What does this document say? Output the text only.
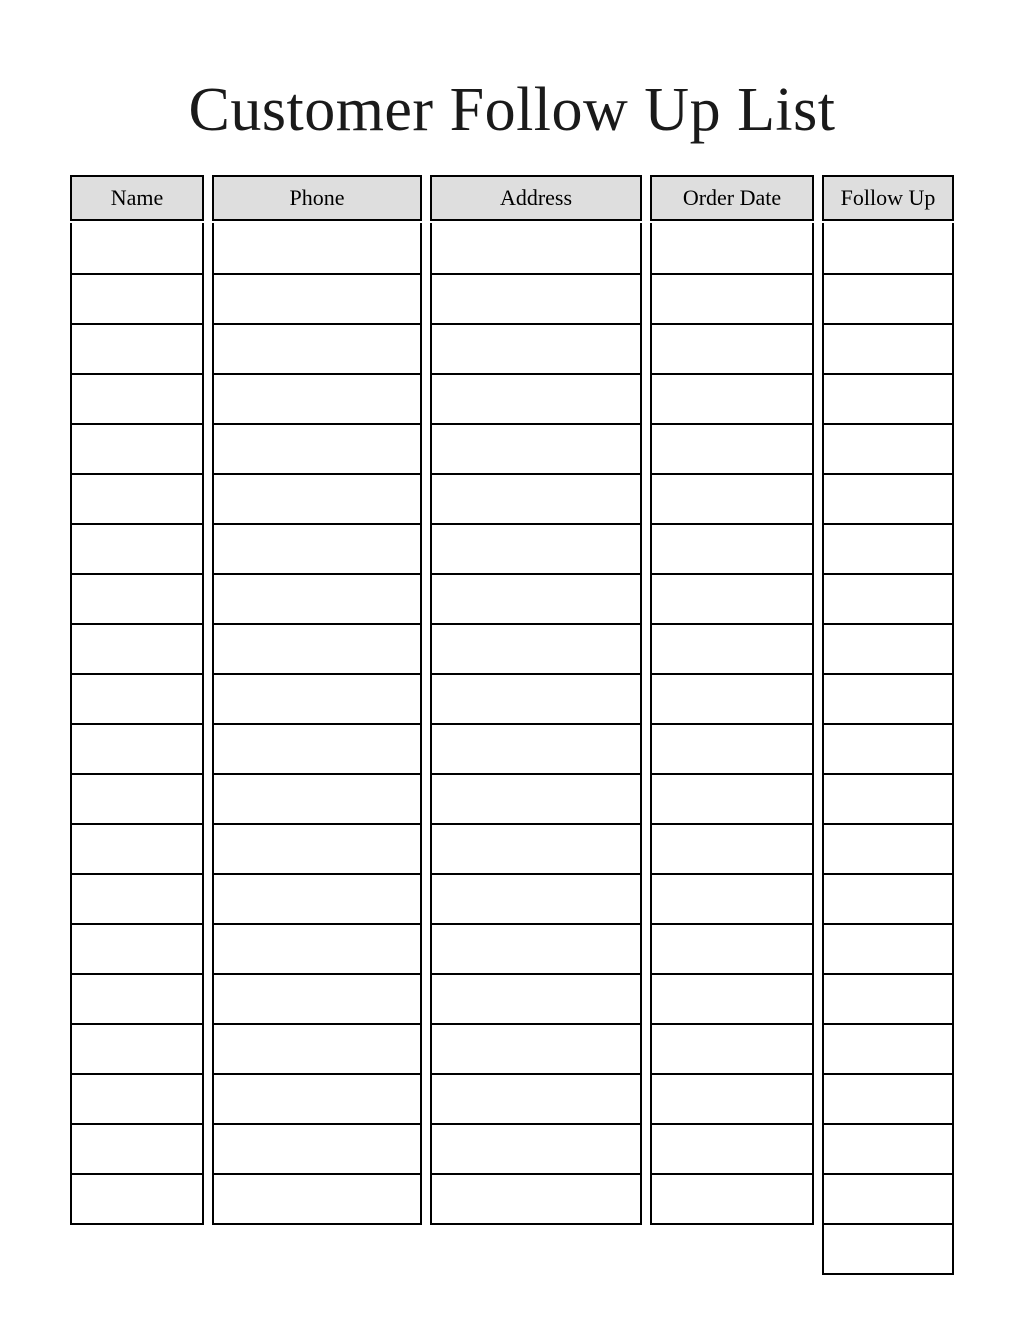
Customer Follow Up List
Name	Phone	Address	Order Date	Follow Up
